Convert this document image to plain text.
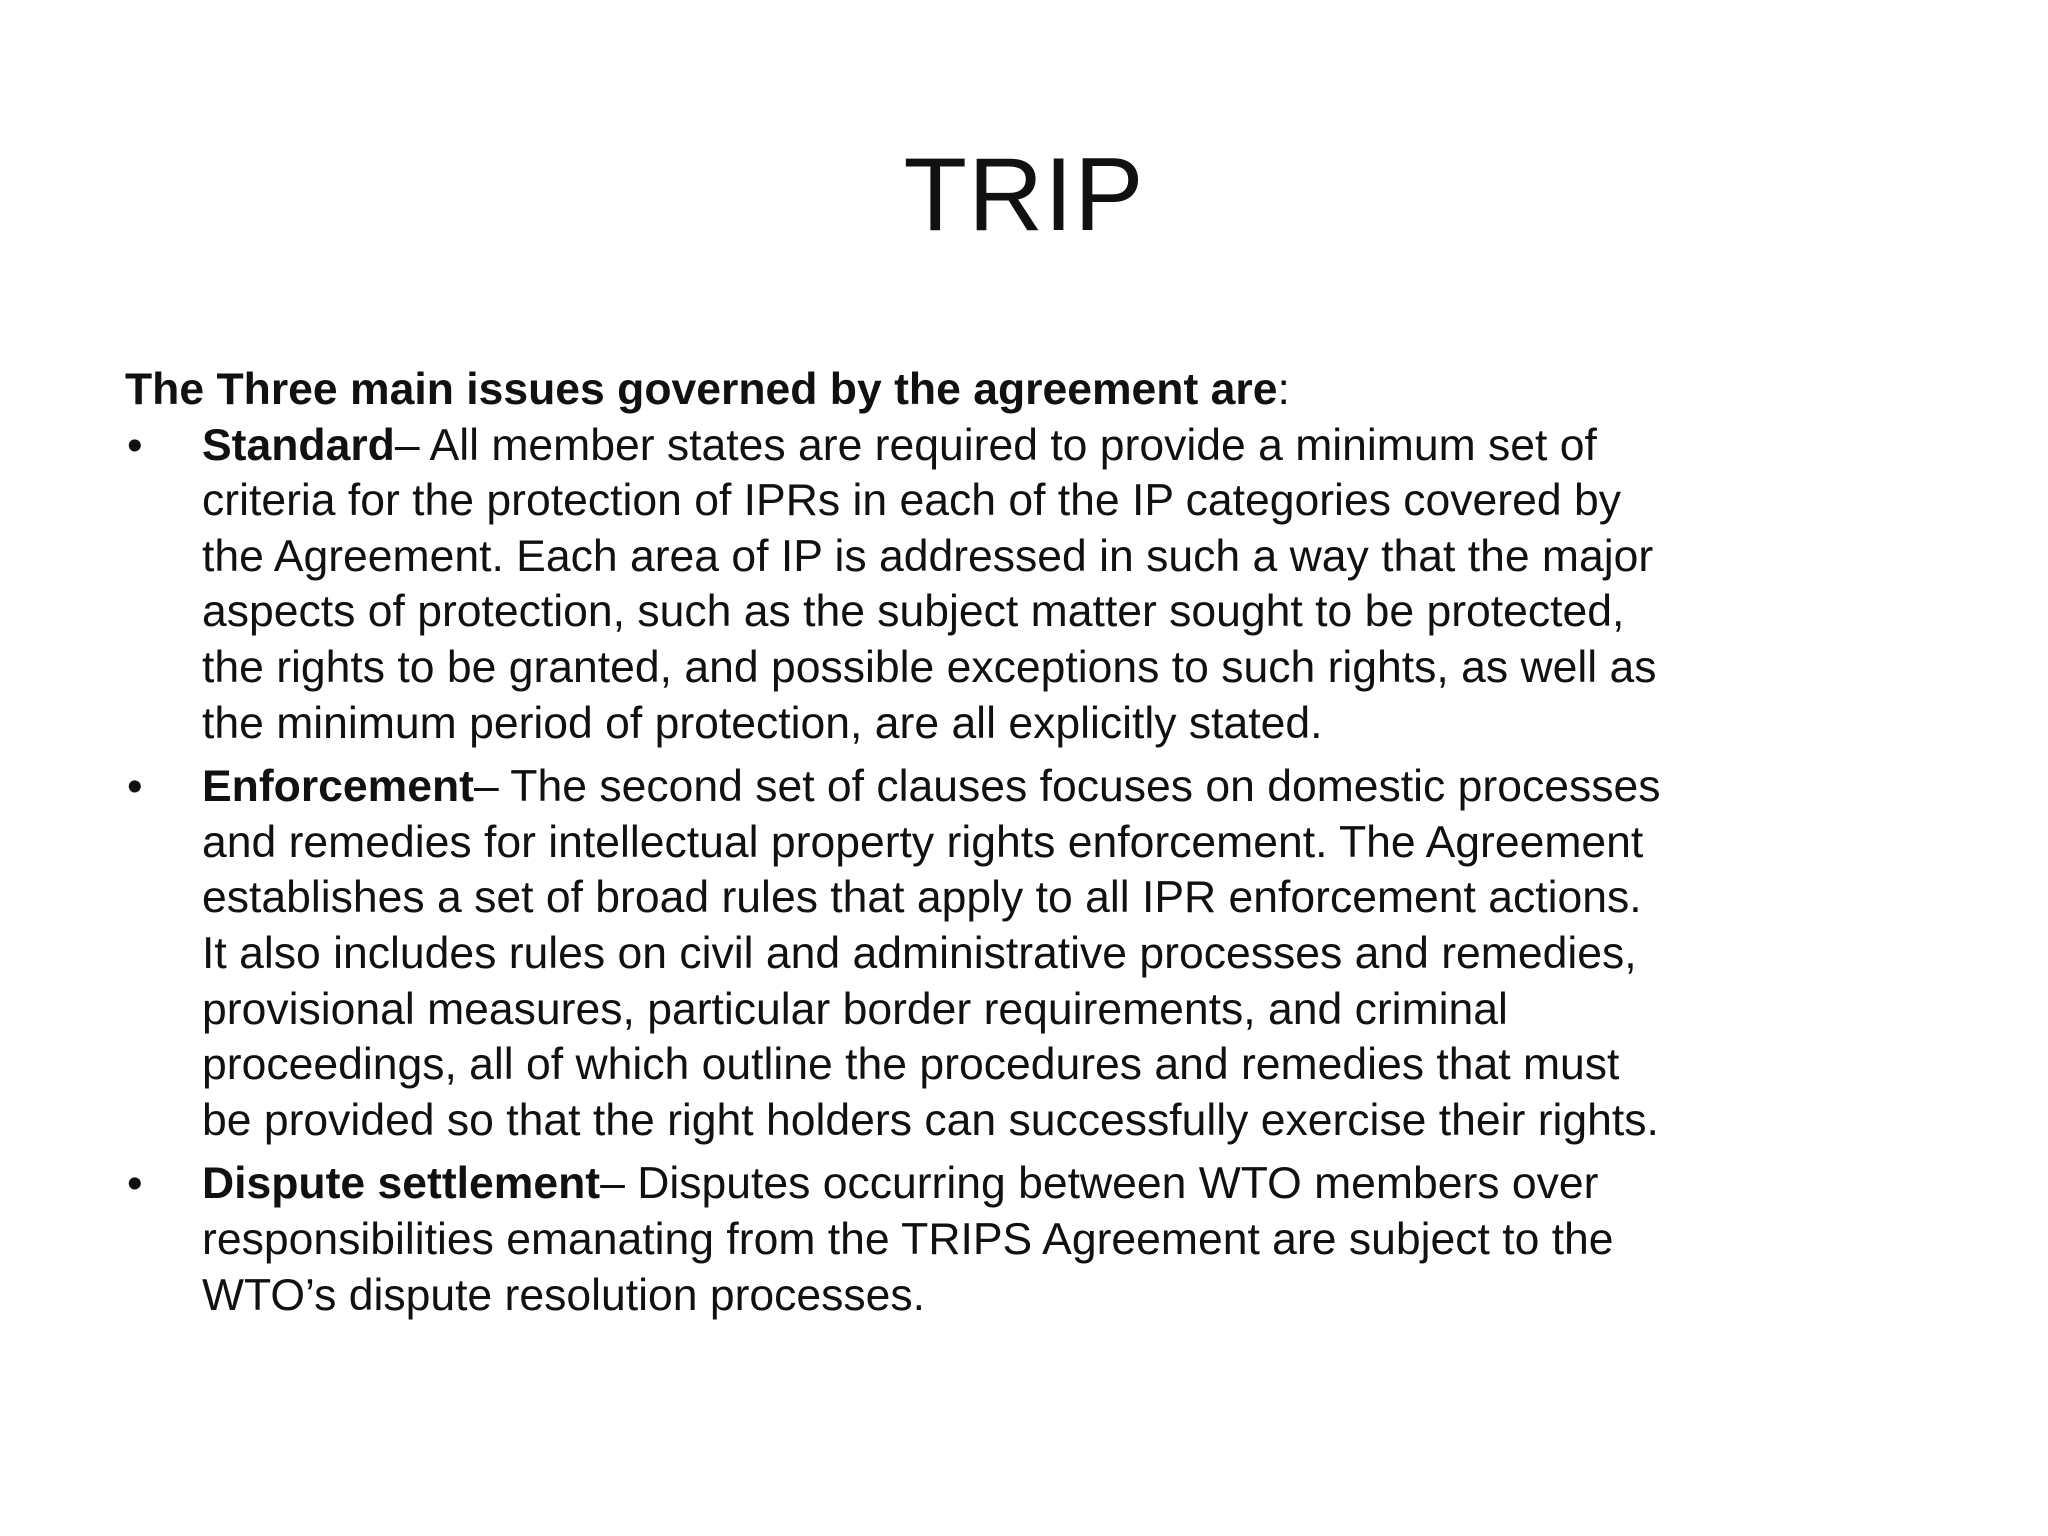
TRIP

The Three main issues governed by the agreement are:

• Standard– All member states are required to provide a minimum set of
criteria for the protection of IPRs in each of the IP categories covered by
the Agreement. Each area of IP is addressed in such a way that the major
aspects of protection, such as the subject matter sought to be protected,
the rights to be granted, and possible exceptions to such rights, as well as
the minimum period of protection, are all explicitly stated.
• Enforcement– The second set of clauses focuses on domestic processes
and remedies for intellectual property rights enforcement. The Agreement
establishes a set of broad rules that apply to all IPR enforcement actions.
It also includes rules on civil and administrative processes and remedies,
provisional measures, particular border requirements, and criminal
proceedings, all of which outline the procedures and remedies that must
be provided so that the right holders can successfully exercise their rights.
• Dispute settlement– Disputes occurring between WTO members over
responsibilities emanating from the TRIPS Agreement are subject to the
WTO’s dispute resolution processes.
